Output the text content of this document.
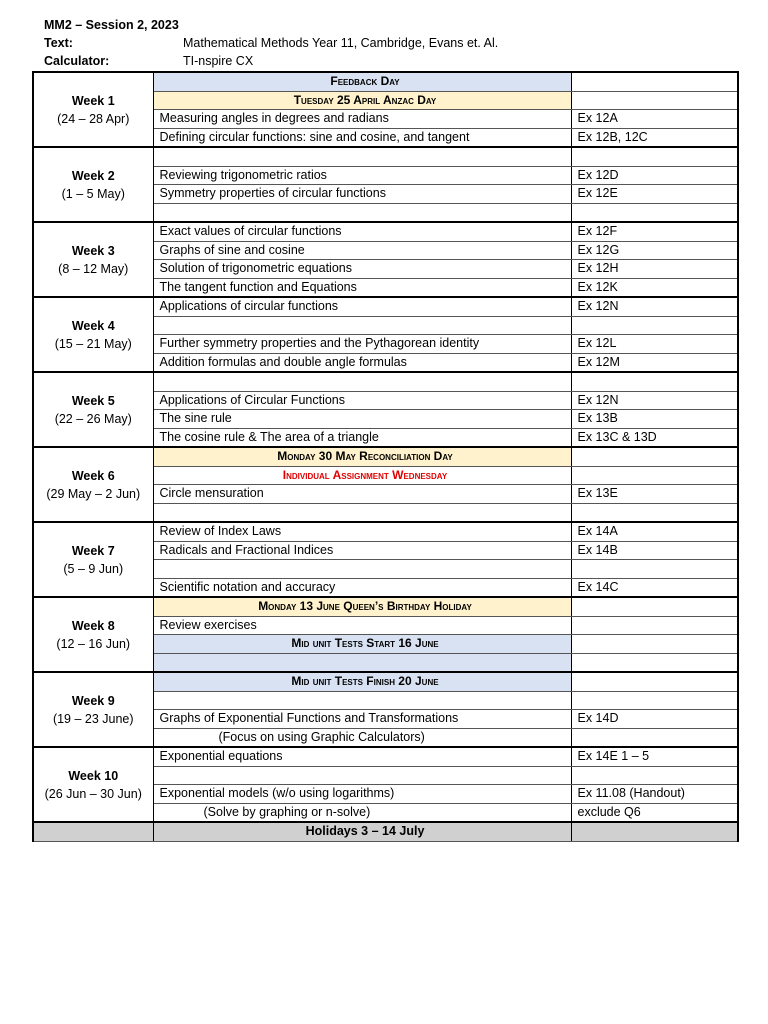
MM2 – Session 2, 2023
Text:	Mathematical Methods Year 11, Cambridge, Evans et. Al.
Calculator:	TI-nspire CX
Week 1
(24 – 28 Apr)	Feedback Day	
	Tuesday 25 April Anzac Day	
	Measuring angles in degrees and radians	Ex 12A
	Defining circular functions: sine and cosine, and tangent	Ex 12B, 12C

Week 2
(1 – 5 May)		

	Reviewing trigonometric ratios	Ex 12D
	Symmetry properties of circular functions	Ex 12E

Week 3
(8 – 12 May)	Exact values of circular functions	Ex 12F
	Graphs of sine and cosine	Ex 12G
	Solution of trigonometric equations	Ex 12H
	The tangent function and Equations	Ex 12K

Week 4
(15 – 21 May)	Applications of circular functions	Ex 12N

	Further symmetry properties and the Pythagorean identity	Ex 12L
	Addition formulas and double angle formulas	Ex 12M

Week 5
(22 – 26 May)		

	Applications of Circular Functions	Ex 12N
	The sine rule	Ex 13B
	The cosine rule & The area of a triangle	Ex 13C & 13D

Week 6
(29 May – 2 Jun)	Monday 30 May Reconciliation Day	
	Individual Assignment Wednesday	
	Circle mensuration	Ex 13E

Week 7
(5 – 9 Jun)	Review of Index Laws	Ex 14A
	Radicals and Fractional Indices	Ex 14B

	Scientific notation and accuracy	Ex 14C

Week 8
(12 – 16 Jun)	Monday 13 June Queen’s Birthday Holiday	
	Review exercises	
	Mid unit Tests Start 16 June	

Week 9
(19 – 23 June)	Mid unit Tests Finish 20 June	

	Graphs of Exponential Functions and Transformations	Ex 14D
	(Focus on using Graphic Calculators)	

Week 10
(26 Jun – 30 Jun)	Exponential equations	Ex 14E 1 – 5

	Exponential models (w/o using logarithms)	Ex 11.08 (Handout)
	(Solve by graphing or n-solve)	exclude Q6
	Holidays 3 – 14 July	
